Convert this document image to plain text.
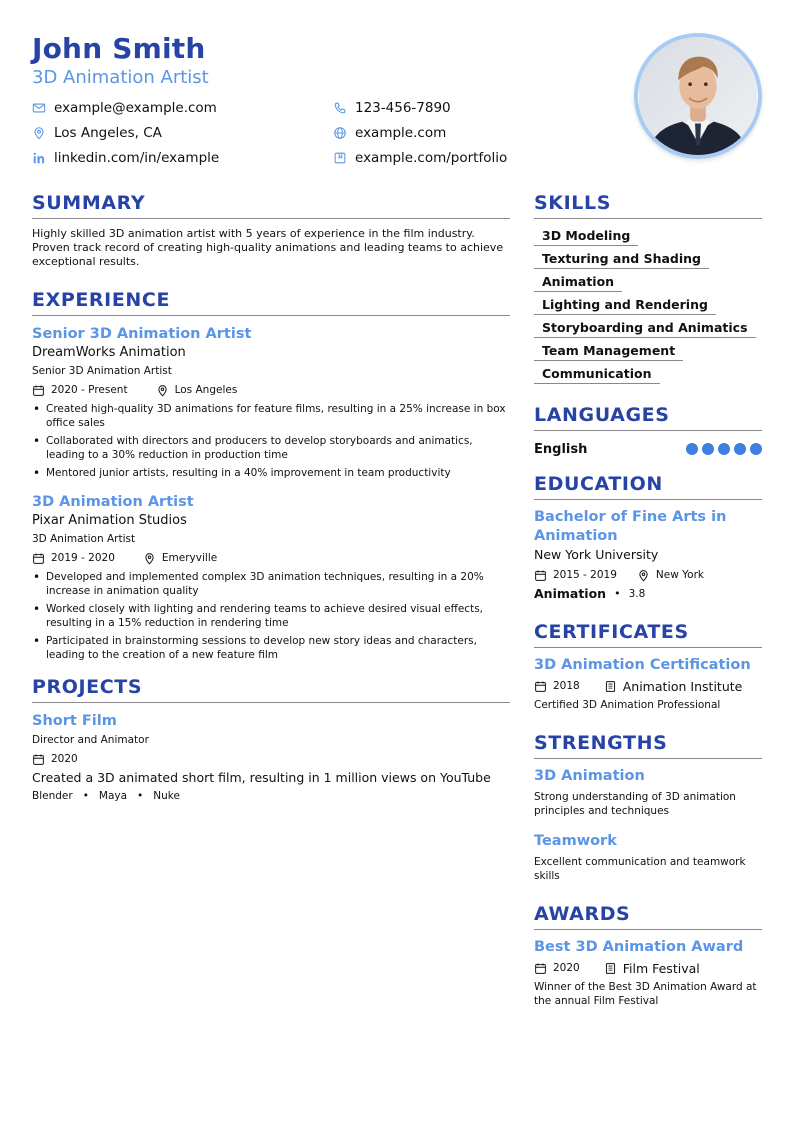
John Smith
3D Animation Artist
example@example.com	123-456-7890
Los Angeles, CA	example.com
linkedin.com/in/example	example.com/portfolio
SUMMARY
Highly skilled 3D animation artist with 5 years of experience in the film industry. Proven track record of creating high-quality animations and leading teams to achieve exceptional results.
EXPERIENCE
Senior 3D Animation Artist
DreamWorks Animation
Senior 3D Animation Artist
2020 - Present	Los Angeles
• Created high-quality 3D animations for feature films, resulting in a 25% increase in box office sales
• Collaborated with directors and producers to develop storyboards and animatics, leading to a 30% reduction in production time
• Mentored junior artists, resulting in a 40% improvement in team productivity
3D Animation Artist
Pixar Animation Studios
3D Animation Artist
2019 - 2020	Emeryville
• Developed and implemented complex 3D animation techniques, resulting in a 20% increase in animation quality
• Worked closely with lighting and rendering teams to achieve desired visual effects, resulting in a 15% reduction in rendering time
• Participated in brainstorming sessions to develop new story ideas and characters, leading to the creation of a new feature film
PROJECTS
Short Film
Director and Animator
2020
Created a 3D animated short film, resulting in 1 million views on YouTube
Blender • Maya • Nuke
SKILLS
3D Modeling
Texturing and Shading
Animation
Lighting and Rendering
Storyboarding and Animatics
Team Management
Communication
LANGUAGES
English
EDUCATION
Bachelor of Fine Arts in Animation
New York University
2015 - 2019	New York
Animation • 3.8
CERTIFICATES
3D Animation Certification
2018	Animation Institute
Certified 3D Animation Professional
STRENGTHS
3D Animation
Strong understanding of 3D animation principles and techniques
Teamwork
Excellent communication and teamwork skills
AWARDS
Best 3D Animation Award
2020	Film Festival
Winner of the Best 3D Animation Award at the annual Film Festival
